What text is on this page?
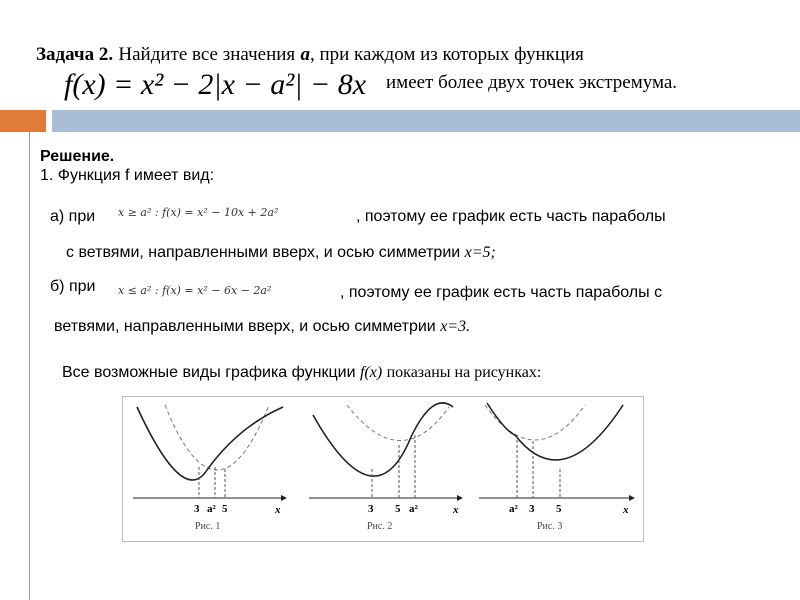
Задача 2. Найдите все значения а, при каждом из которых функция
f(x) = x² − 2|x − a²| − 8x имеет более двух точек экстремума.
Решение.
1. Функция f имеет вид:
а) при x ≥ a² : f(x) = x² − 10x + 2a²	, поэтому ее график есть часть параболы
с ветвями, направленными вверх, и осью симметрии x=5;
б) при x ≤ a² : f(x) = x² − 6x − 2a²	, поэтому ее график есть часть параболы с
ветвями, направленными вверх, и осью симметрии x=3.
Все возможные виды графика функции f(x) показаны на рисунках:
3 a² 5	x
Рис. 1
3 5 a²	x
Рис. 2
a² 3 5	x
Рис. 3
